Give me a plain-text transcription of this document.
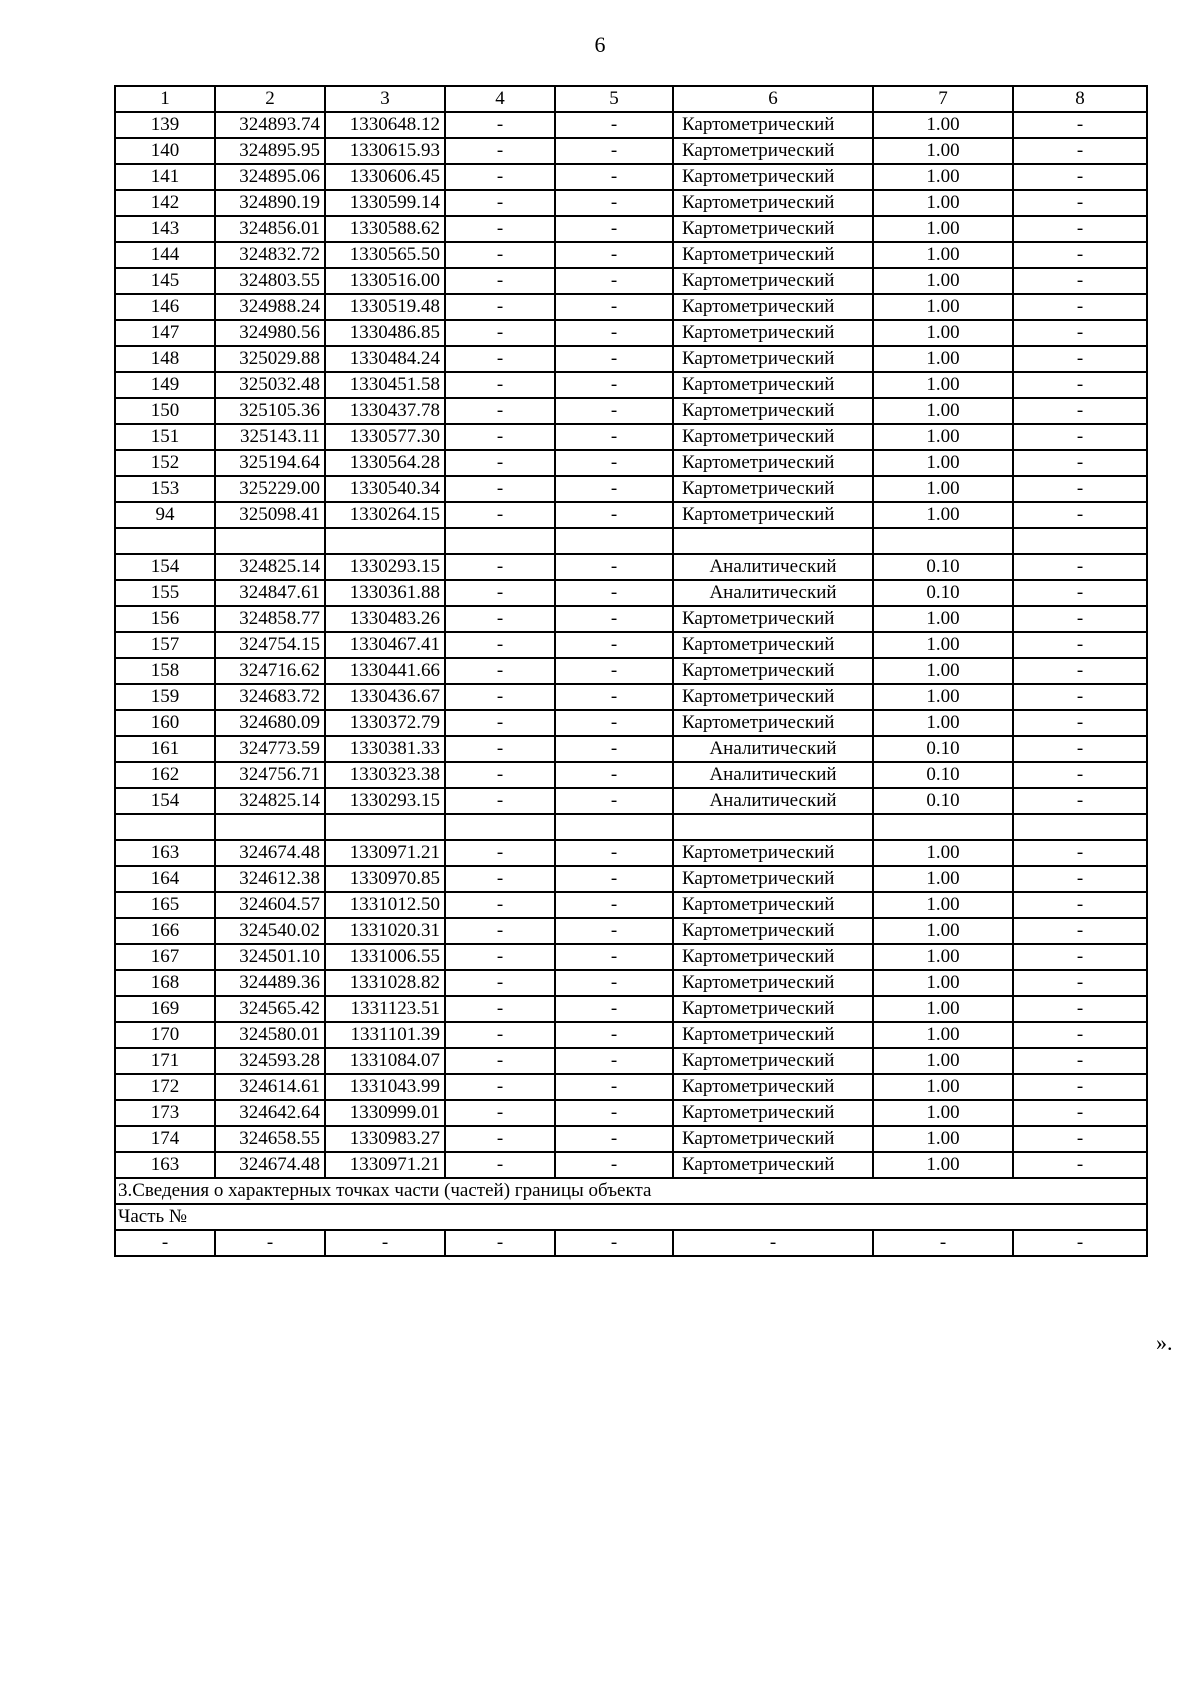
6
1	2	3	4	5	6	7	8
139	324893.74	1330648.12	-	-	Картометрический	1.00	-
140	324895.95	1330615.93	-	-	Картометрический	1.00	-
141	324895.06	1330606.45	-	-	Картометрический	1.00	-
142	324890.19	1330599.14	-	-	Картометрический	1.00	-
143	324856.01	1330588.62	-	-	Картометрический	1.00	-
144	324832.72	1330565.50	-	-	Картометрический	1.00	-
145	324803.55	1330516.00	-	-	Картометрический	1.00	-
146	324988.24	1330519.48	-	-	Картометрический	1.00	-
147	324980.56	1330486.85	-	-	Картометрический	1.00	-
148	325029.88	1330484.24	-	-	Картометрический	1.00	-
149	325032.48	1330451.58	-	-	Картометрический	1.00	-
150	325105.36	1330437.78	-	-	Картометрический	1.00	-
151	325143.11	1330577.30	-	-	Картометрический	1.00	-
152	325194.64	1330564.28	-	-	Картометрический	1.00	-
153	325229.00	1330540.34	-	-	Картометрический	1.00	-
94	325098.41	1330264.15	-	-	Картометрический	1.00	-

154	324825.14	1330293.15	-	-	Аналитический	0.10	-
155	324847.61	1330361.88	-	-	Аналитический	0.10	-
156	324858.77	1330483.26	-	-	Картометрический	1.00	-
157	324754.15	1330467.41	-	-	Картометрический	1.00	-
158	324716.62	1330441.66	-	-	Картометрический	1.00	-
159	324683.72	1330436.67	-	-	Картометрический	1.00	-
160	324680.09	1330372.79	-	-	Картометрический	1.00	-
161	324773.59	1330381.33	-	-	Аналитический	0.10	-
162	324756.71	1330323.38	-	-	Аналитический	0.10	-
154	324825.14	1330293.15	-	-	Аналитический	0.10	-

163	324674.48	1330971.21	-	-	Картометрический	1.00	-
164	324612.38	1330970.85	-	-	Картометрический	1.00	-
165	324604.57	1331012.50	-	-	Картометрический	1.00	-
166	324540.02	1331020.31	-	-	Картометрический	1.00	-
167	324501.10	1331006.55	-	-	Картометрический	1.00	-
168	324489.36	1331028.82	-	-	Картометрический	1.00	-
169	324565.42	1331123.51	-	-	Картометрический	1.00	-
170	324580.01	1331101.39	-	-	Картометрический	1.00	-
171	324593.28	1331084.07	-	-	Картометрический	1.00	-
172	324614.61	1331043.99	-	-	Картометрический	1.00	-
173	324642.64	1330999.01	-	-	Картометрический	1.00	-
174	324658.55	1330983.27	-	-	Картометрический	1.00	-
163	324674.48	1330971.21	-	-	Картометрический	1.00	-
3.Сведения о характерных точках части (частей) границы объекта							
Часть №							
-	-	-	-	-	-	-	-
».
